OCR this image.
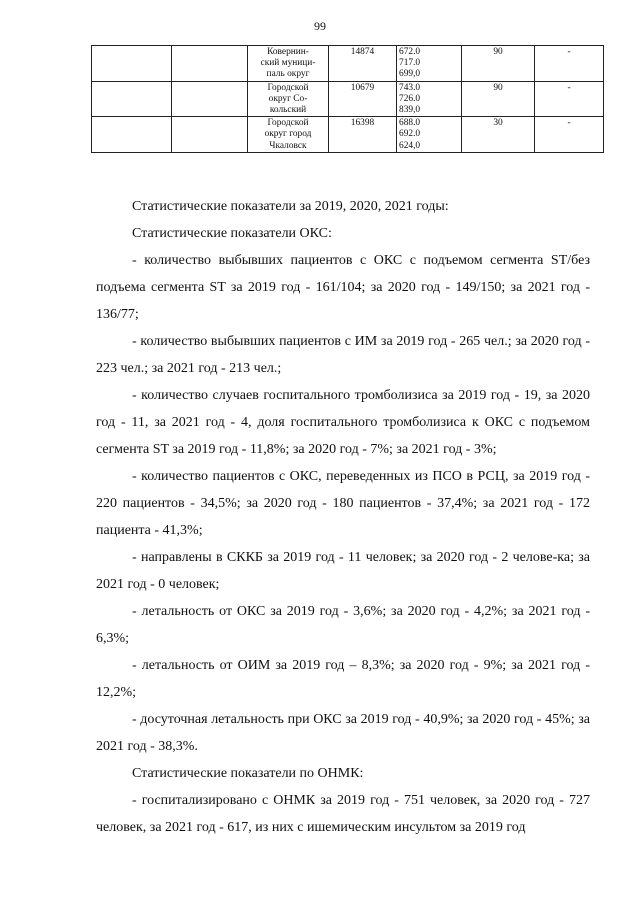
99

		Ковернин-
ский муници-
паль округ	14874	672.0
717.0
699,0	90	-

		Городской
округ Со-
кольский	10679	743.0
726.0
839,0	90	-

		Городской
округ город
Чкаловск	16398	688.0
692.0
624,0	30	-

Статистические показатели за 2019, 2020, 2021 годы:

Статистические показатели ОКС:

- количество выбывших пациентов с ОКС с подъемом сегмента ST/без подъема сегмента ST за 2019 год - 161/104; за 2020 год - 149/150; за 2021 год - 136/77;

- количество выбывших пациентов с ИМ за 2019 год - 265 чел.; за 2020 год - 223 чел.; за 2021 год - 213 чел.;

- количество случаев госпитального тромболизиса за 2019 год - 19, за 2020 год - 11, за 2021 год - 4, доля госпитального тромболизиса к ОКС с подъемом сегмента ST за 2019 год - 11,8%; за 2020 год - 7%; за 2021 год - 3%;

- количество пациентов с ОКС, переведенных из ПСО в РСЦ, за 2019 год - 220 пациентов - 34,5%; за 2020 год - 180 пациентов - 37,4%; за 2021 год - 172 пациента - 41,3%;

- направлены в СККБ за 2019 год - 11 человек; за 2020 год - 2 челове-ка; за 2021 год - 0 человек;

- летальность от ОКС за 2019 год - 3,6%; за 2020 год - 4,2%; за 2021 год - 6,3%;

- летальность от ОИМ за 2019 год – 8,3%; за 2020 год - 9%; за 2021 год - 12,2%;

- досуточная летальность при ОКС за 2019 год - 40,9%; за 2020 год - 45%; за 2021 год - 38,3%.

Статистические показатели по ОНМК:

- госпитализировано с ОНМК за 2019 год - 751 человек, за 2020 год - 727 человек, за 2021 год - 617, из них с ишемическим инсультом за 2019 год
